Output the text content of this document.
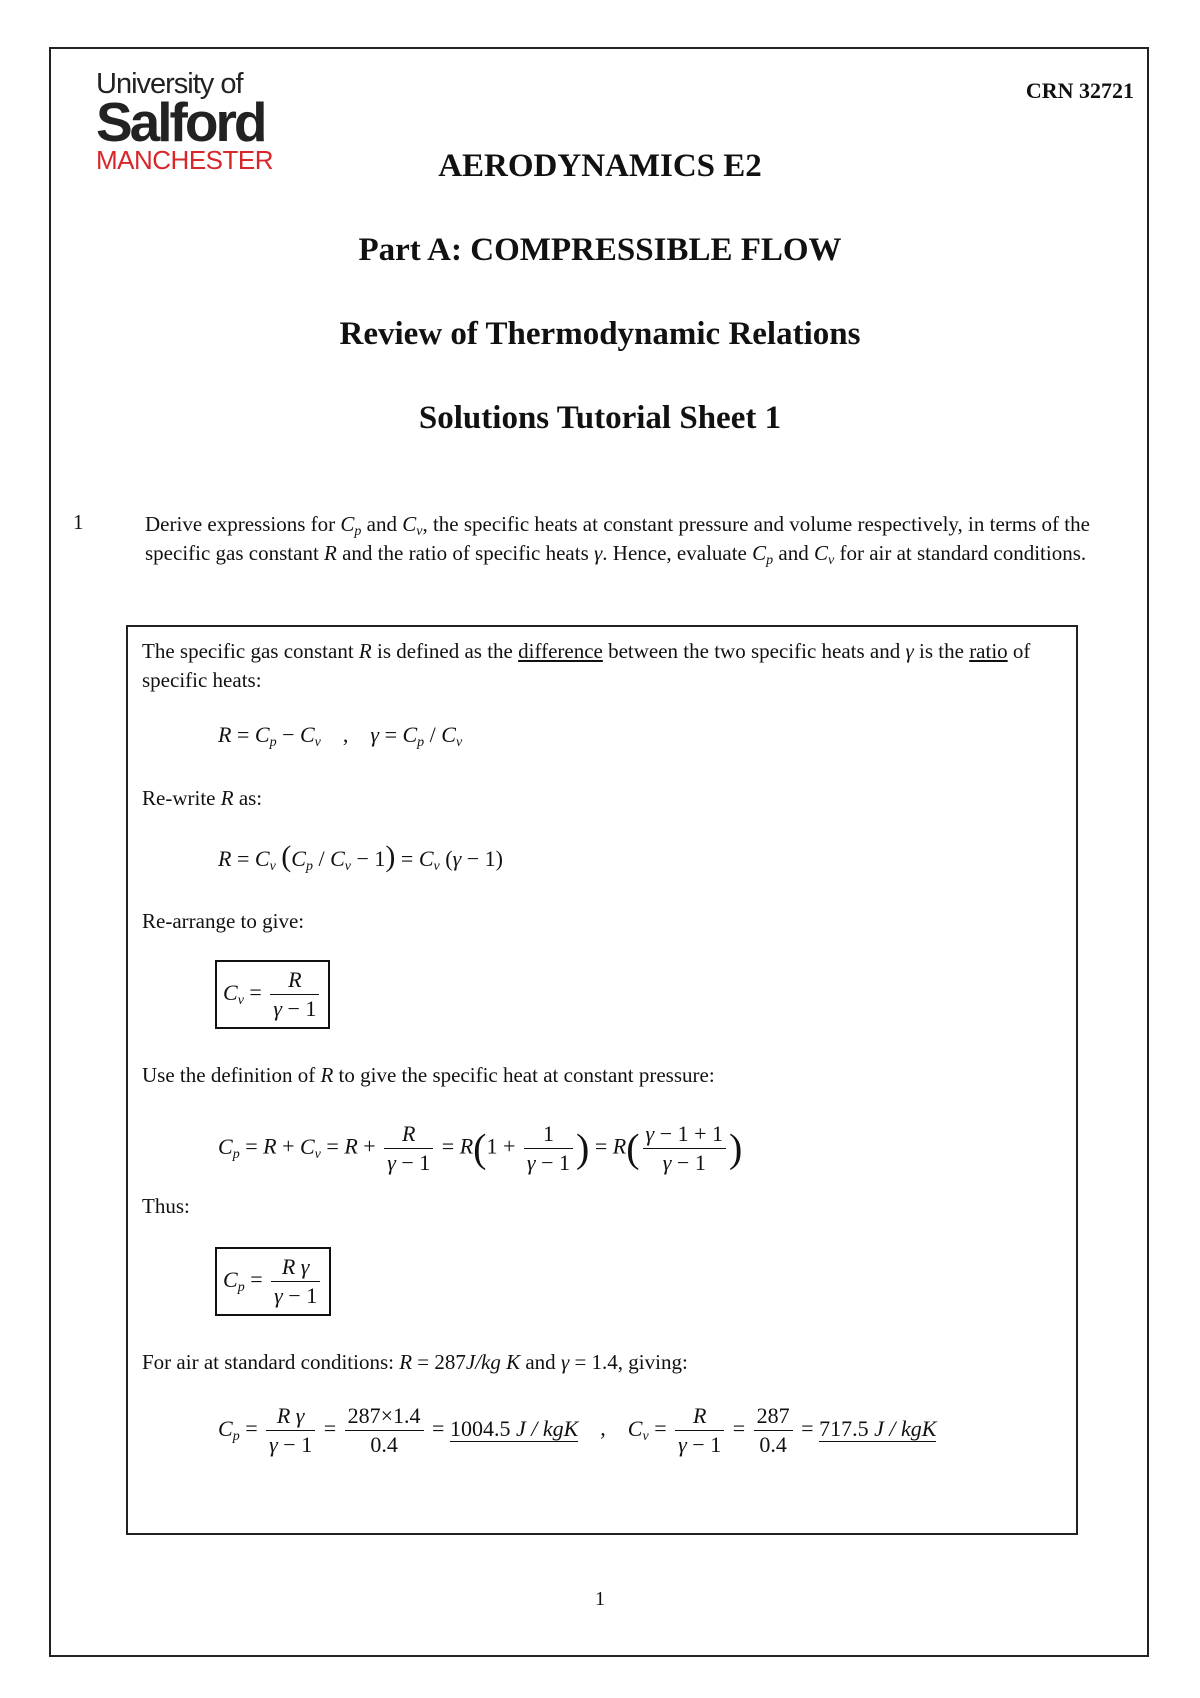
University of
Salford
MANCHESTER
CRN 32721
AERODYNAMICS E2
Part A: COMPRESSIBLE FLOW
Review of Thermodynamic Relations
Solutions Tutorial Sheet 1
1	Derive expressions for $C_p$ and $C_v$, the specific heats at constant pressure and volume respectively, in terms of the specific gas constant R and the ratio of specific heats γ. Hence, evaluate $C_p$ and $C_v$ for air at standard conditions.
The specific gas constant R is defined as the difference between the two specific heats and γ is the ratio of specific heats:
$R = C_p - C_v$    ,    $\gamma = C_p / C_v$
Re-write R as:
$R = C_v$ $(C_p / C_v - 1) = C_v$ (γ − 1)
Re-arrange to give:
$C_v = \frac{R}{\gamma - 1}$
Use the definition of R to give the specific heat at constant pressure:
$C_p = R + C_v = R + \frac{R}{\gamma - 1} = R(1 + \frac{1}{\gamma - 1}$ ) = $R( \frac{\gamma - 1 + 1}{\gamma - 1}$ )
Thus:
$C_p = \frac{\text{R γ}}{\gamma - 1}$
For air at standard conditions: R = 287J/kg K and γ = 1.4, giving:
$C_p = \frac{\text{R γ}}{\gamma - 1} = \frac{287\times 1.4}{0.4} = 1004.5$ J / kgK    ,    $C_v = \frac{R}{\gamma - 1} = \frac{287}{0.4} = 717.5$ J / kgK
1
